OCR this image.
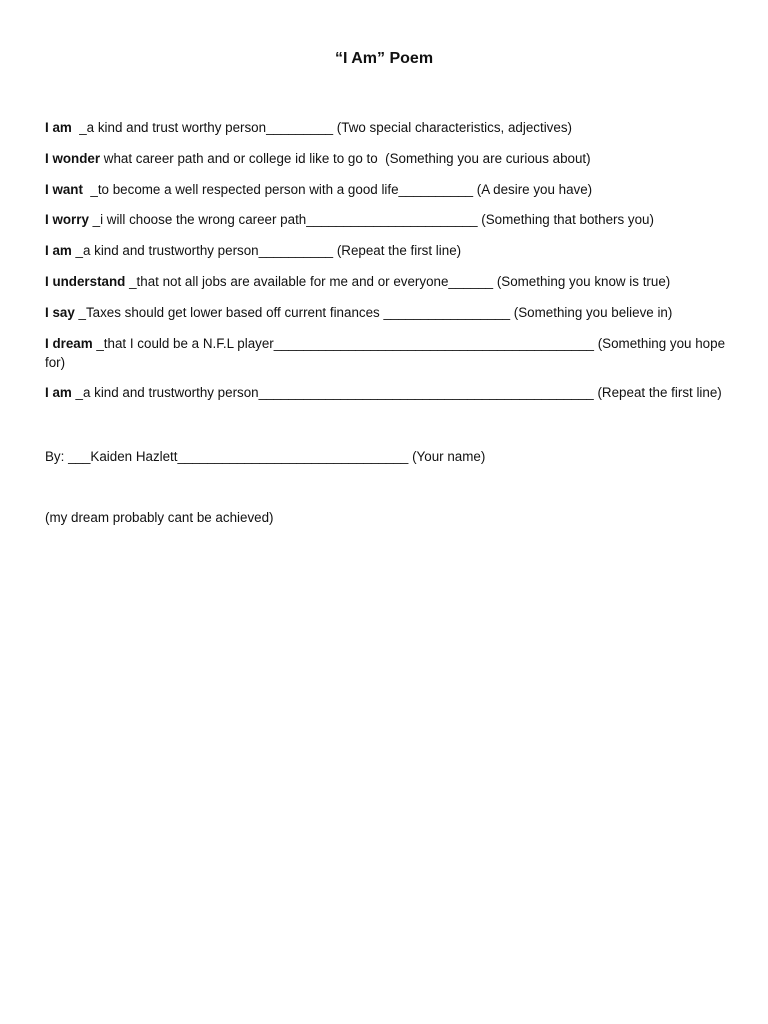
“I Am” Poem

I am  _a kind and trust worthy person_________ (Two special characteristics, adjectives)

I wonder what career path and or college id like to go to  (Something you are curious about)

I want  _to become a well respected person with a good life__________ (A desire you have)

I worry _i will choose the wrong career path_______________________ (Something that bothers you)

I am _a kind and trustworthy person__________ (Repeat the first line)

I understand _that not all jobs are available for me and or everyone______ (Something you know is true)

I say _Taxes should get lower based off current finances _________________ (Something you believe in)

I dream _that I could be a N.F.L player___________________________________________ (Something you hope for)

I am _a kind and trustworthy person_____________________________________________ (Repeat the first line)

By: ___Kaiden Hazlett_______________________________ (Your name)
(my dream probably cant be achieved)
